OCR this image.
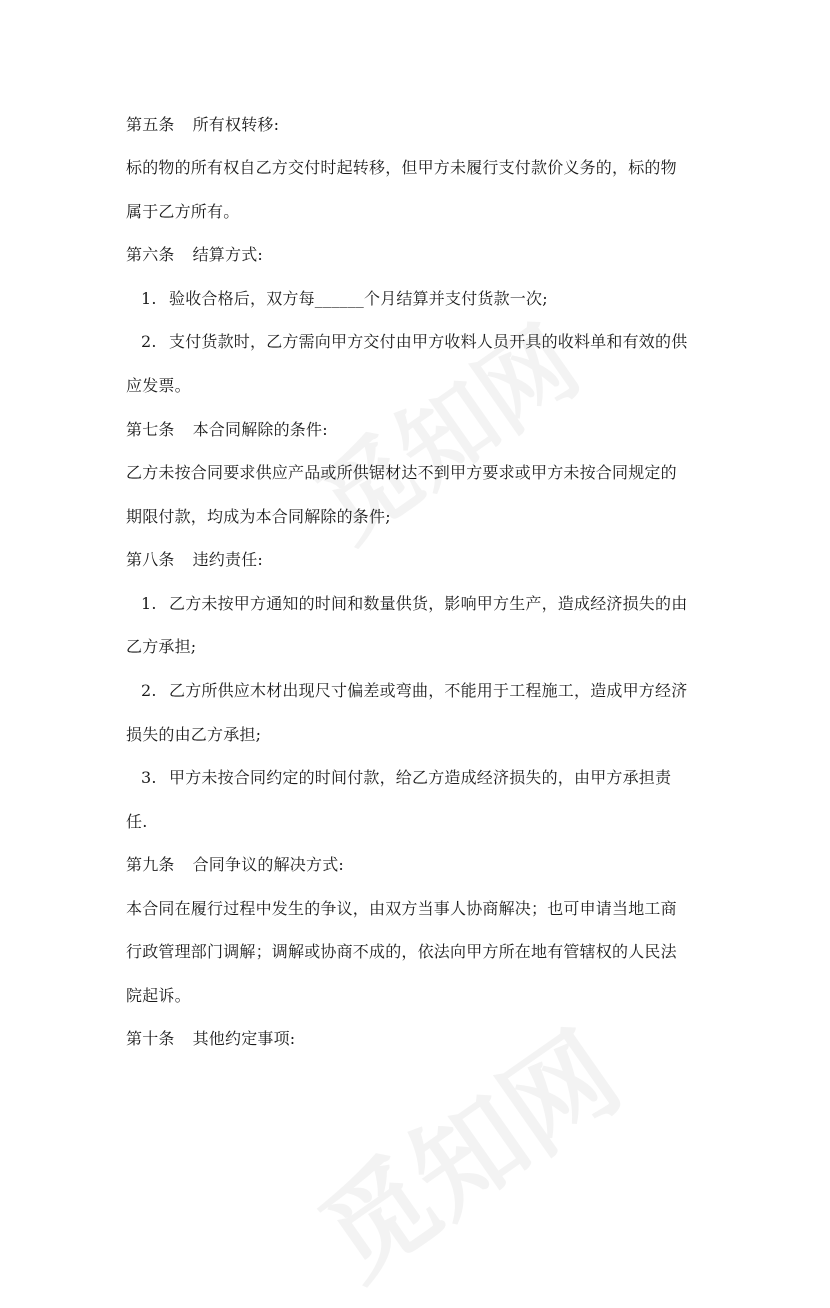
第五条 所有权转移:
标的物的所有权自乙方交付时起转移，但甲方未履行支付款价义务的，标的物
属于乙方所有。
第六条 结算方式:
1. 验收合格后，双方每______个月结算并支付货款一次;
2. 支付货款时，乙方需向甲方交付由甲方收料人员开具的收料单和有效的供
应发票。
第七条 本合同解除的条件:
乙方未按合同要求供应产品或所供锯材达不到甲方要求或甲方未按合同规定的
期限付款，均成为本合同解除的条件;
第八条 违约责任:
1. 乙方未按甲方通知的时间和数量供货，影响甲方生产，造成经济损失的由
乙方承担;
2. 乙方所供应木材出现尺寸偏差或弯曲，不能用于工程施工，造成甲方经济
损失的由乙方承担;
3. 甲方未按合同约定的时间付款，给乙方造成经济损失的，由甲方承担责
任.
第九条 合同争议的解决方式:
本合同在履行过程中发生的争议，由双方当事人协商解决；也可申请当地工商
行政管理部门调解；调解或协商不成的，依法向甲方所在地有管辖权的人民法
院起诉。
第十条 其他约定事项:
